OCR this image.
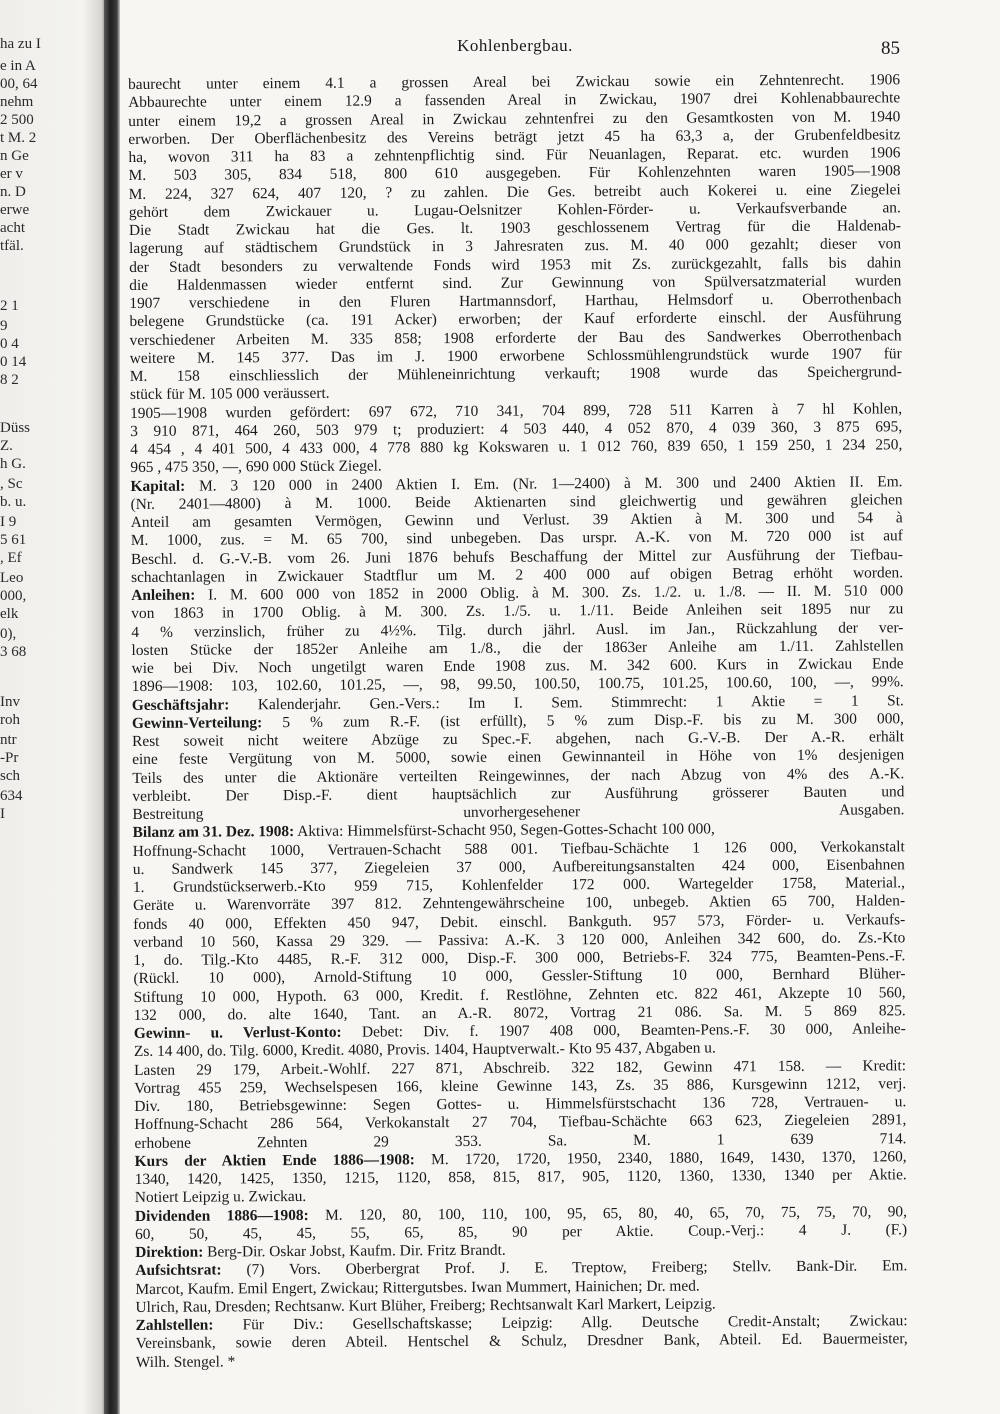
ha zu I
e in A
00, 64
nehm
2 500
t M. 2
n Ge
er v
n. D
erwe
acht
tfäl.
2 1
9
0 4
0 14
8 2
Düss
Z.
h G.
, Sc
b. u.
I 9
5 61
, Ef
Leo
000,
elk
0),
3 68
Inv
roh
ntr
-Pr
sch
634
I
Kohlenbergbau.	85
baurecht unter einem 4.1 a grossen Areal bei Zwickau sowie ein Zehntenrecht. 1906
Abbaurechte unter einem 12.9 a fassenden Areal in Zwickau, 1907 drei Kohlenabbaurechte
unter einem 19,2 a grossen Areal in Zwickau zehntenfrei zu den Gesamtkosten von M. 1940
erworben. Der Oberflächenbesitz des Vereins beträgt jetzt 45 ha 63,3 a, der Grubenfeldbesitz
ha, wovon 311 ha 83 a zehntenpflichtig sind. Für Neuanlagen, Reparat. etc. wurden 1906
M. 503 305, 834 518, 800 610 ausgegeben. Für Kohlenzehnten waren 1905—1908
M. 224, 327 624, 407 120, ? zu zahlen. Die Ges. betreibt auch Kokerei u. eine Ziegelei
gehört dem Zwickauer u. Lugau-Oelsnitzer Kohlen-Förder- u. Verkaufsverbande an.
Die Stadt Zwickau hat die Ges. lt. 1903 geschlossenem Vertrag für die Haldenab-
lagerung auf städtischem Grundstück in 3 Jahresraten zus. M. 40 000 gezahlt; dieser von
der Stadt besonders zu verwaltende Fonds wird 1953 mit Zs. zurückgezahlt, falls bis dahin
die Haldenmassen wieder entfernt sind. Zur Gewinnung von Spülversatzmaterial wurden
1907 verschiedene in den Fluren Hartmannsdorf, Harthau, Helmsdorf u. Oberrothenbach
belegene Grundstücke (ca. 191 Acker) erworben; der Kauf erforderte einschl. der Ausführung
verschiedener Arbeiten M. 335 858; 1908 erforderte der Bau des Sandwerkes Oberrothenbach
weitere M. 145 377. Das im J. 1900 erworbene Schlossmühlengrundstück wurde 1907 für
M. 158 einschliesslich der Mühleneinrichtung verkauft; 1908 wurde das Speichergrund-
stück für M. 105 000 veräussert.
1905—1908 wurden gefördert: 697 672, 710 341, 704 899, 728 511 Karren à 7 hl Kohlen,
3 910 871, 464 260, 503 979 t; produziert: 4 503 440, 4 052 870, 4 039 360, 3 875 695,
4 454 , 4 401 500, 4 433 000, 4 778 880 kg Kokswaren u. 1 012 760, 839 650, 1 159 250, 1 234 250,
965 , 475 350, —, 690 000 Stück Ziegel.
Kapital: M. 3 120 000 in 2400 Aktien I. Em. (Nr. 1—2400) à M. 300 und 2400 Aktien II. Em.
(Nr. 2401—4800) à M. 1000. Beide Aktienarten sind gleichwertig und gewähren gleichen
Anteil am gesamten Vermögen, Gewinn und Verlust. 39 Aktien à M. 300 und 54 à
M. 1000, zus. = M. 65 700, sind unbegeben. Das urspr. A.-K. von M. 720 000 ist auf
Beschl. d. G.-V.-B. vom 26. Juni 1876 behufs Beschaffung der Mittel zur Ausführung der Tiefbau-
schachtanlagen in Zwickauer Stadtflur um M. 2 400 000 auf obigen Betrag erhöht worden.
Anleihen: I. M. 600 000 von 1852 in 2000 Oblig. à M. 300. Zs. 1./2. u. 1./8. — II. M. 510 000
von 1863 in 1700 Oblig. à M. 300. Zs. 1./5. u. 1./11. Beide Anleihen seit 1895 nur zu
4 % verzinslich, früher zu 4½%. Tilg. durch jährl. Ausl. im Jan., Rückzahlung der ver-
losten Stücke der 1852er Anleihe am 1./8., die der 1863er Anleihe am 1./11. Zahlstellen
wie bei Div. Noch ungetilgt waren Ende 1908 zus. M. 342 600. Kurs in Zwickau Ende
1896—1908: 103, 102.60, 101.25, —, 98, 99.50, 100.50, 100.75, 101.25, 100.60, 100, —, 99%.
Geschäftsjahr: Kalenderjahr. Gen.-Vers.: Im I. Sem. Stimmrecht: 1 Aktie = 1 St.
Gewinn-Verteilung: 5 % zum R.-F. (ist erfüllt), 5 % zum Disp.-F. bis zu M. 300 000,
Rest soweit nicht weitere Abzüge zu Spec.-F. abgehen, nach G.-V.-B. Der A.-R. erhält
eine feste Vergütung von M. 5000, sowie einen Gewinnanteil in Höhe von 1% desjenigen
Teils des unter die Aktionäre verteilten Reingewinnes, der nach Abzug von 4% des A.-K.
verbleibt. Der Disp.-F. dient hauptsächlich zur Ausführung grösserer Bauten und
Bestreitung unvorhergesehener Ausgaben.
Bilanz am 31. Dez. 1908: Aktiva: Himmelsfürst-Schacht 950, Segen-Gottes-Schacht 100 000,
Hoffnung-Schacht 1000, Vertrauen-Schacht 588 001. Tiefbau-Schächte 1 126 000, Verkokanstalt
u. Sandwerk 145 377, Ziegeleien 37 000, Aufbereitungsanstalten 424 000, Eisenbahnen
1. Grundstückserwerb.-Kto 959 715, Kohlenfelder 172 000. Wartegelder 1758, Material.,
Geräte u. Warenvorräte 397 812. Zehntengewährscheine 100, unbegeb. Aktien 65 700, Halden-
fonds 40 000, Effekten 450 947, Debit. einschl. Bankguth. 957 573, Förder- u. Verkaufs-
verband 10 560, Kassa 29 329. — Passiva: A.-K. 3 120 000, Anleihen 342 600, do. Zs.-Kto
1, do. Tilg.-Kto 4485, R.-F. 312 000, Disp.-F. 300 000, Betriebs-F. 324 775, Beamten-Pens.-F.
(Rückl. 10 000), Arnold-Stiftung 10 000, Gessler-Stiftung 10 000, Bernhard Blüher-
Stiftung 10 000, Hypoth. 63 000, Kredit. f. Restlöhne, Zehnten etc. 822 461, Akzepte 10 560,
132 000, do. alte 1640, Tant. an A.-R. 8072, Vortrag 21 086. Sa. M. 5 869 825.
Gewinn- u. Verlust-Konto: Debet: Div. f. 1907 408 000, Beamten-Pens.-F. 30 000, Anleihe-
Zs. 14 400, do. Tilg. 6000, Kredit. 4080, Provis. 1404, Hauptverwalt.- Kto 95 437, Abgaben u.
Lasten 29 179, Arbeit.-Wohlf. 227 871, Abschreib. 322 182, Gewinn 471 158. — Kredit:
Vortrag 455 259, Wechselspesen 166, kleine Gewinne 143, Zs. 35 886, Kursgewinn 1212, verj.
Div. 180, Betriebsgewinne: Segen Gottes- u. Himmelsfürstschacht 136 728, Vertrauen- u.
Hoffnung-Schacht 286 564, Verkokanstalt 27 704, Tiefbau-Schächte 663 623, Ziegeleien 2891,
erhobene Zehnten 29 353. Sa. M. 1 639 714.
Kurs der Aktien Ende 1886—1908: M. 1720, 1720, 1950, 2340, 1880, 1649, 1430, 1370, 1260,
1340, 1420, 1425, 1350, 1215, 1120, 858, 815, 817, 905, 1120, 1360, 1330, 1340 per Aktie.
Notiert Leipzig u. Zwickau.
Dividenden 1886—1908: M. 120, 80, 100, 110, 100, 95, 65, 80, 40, 65, 70, 75, 75, 70, 90,
60, 50, 45, 45, 55, 65, 85, 90 per Aktie. Coup.-Verj.: 4 J. (F.)
Direktion: Berg-Dir. Oskar Jobst, Kaufm. Dir. Fritz Brandt.
Aufsichtsrat: (7) Vors. Oberbergrat Prof. J. E. Treptow, Freiberg; Stellv. Bank-Dir. Em.
Marcot, Kaufm. Emil Engert, Zwickau; Rittergutsbes. Iwan Mummert, Hainichen; Dr. med.
Ulrich, Rau, Dresden; Rechtsanw. Kurt Blüher, Freiberg; Rechtsanwalt Karl Markert, Leipzig.
Zahlstellen: Für Div.: Gesellschaftskasse; Leipzig: Allg. Deutsche Credit-Anstalt; Zwickau:
Vereinsbank, sowie deren Abteil. Hentschel & Schulz, Dresdner Bank, Abteil. Ed. Bauermeister,
Wilh. Stengel. *
